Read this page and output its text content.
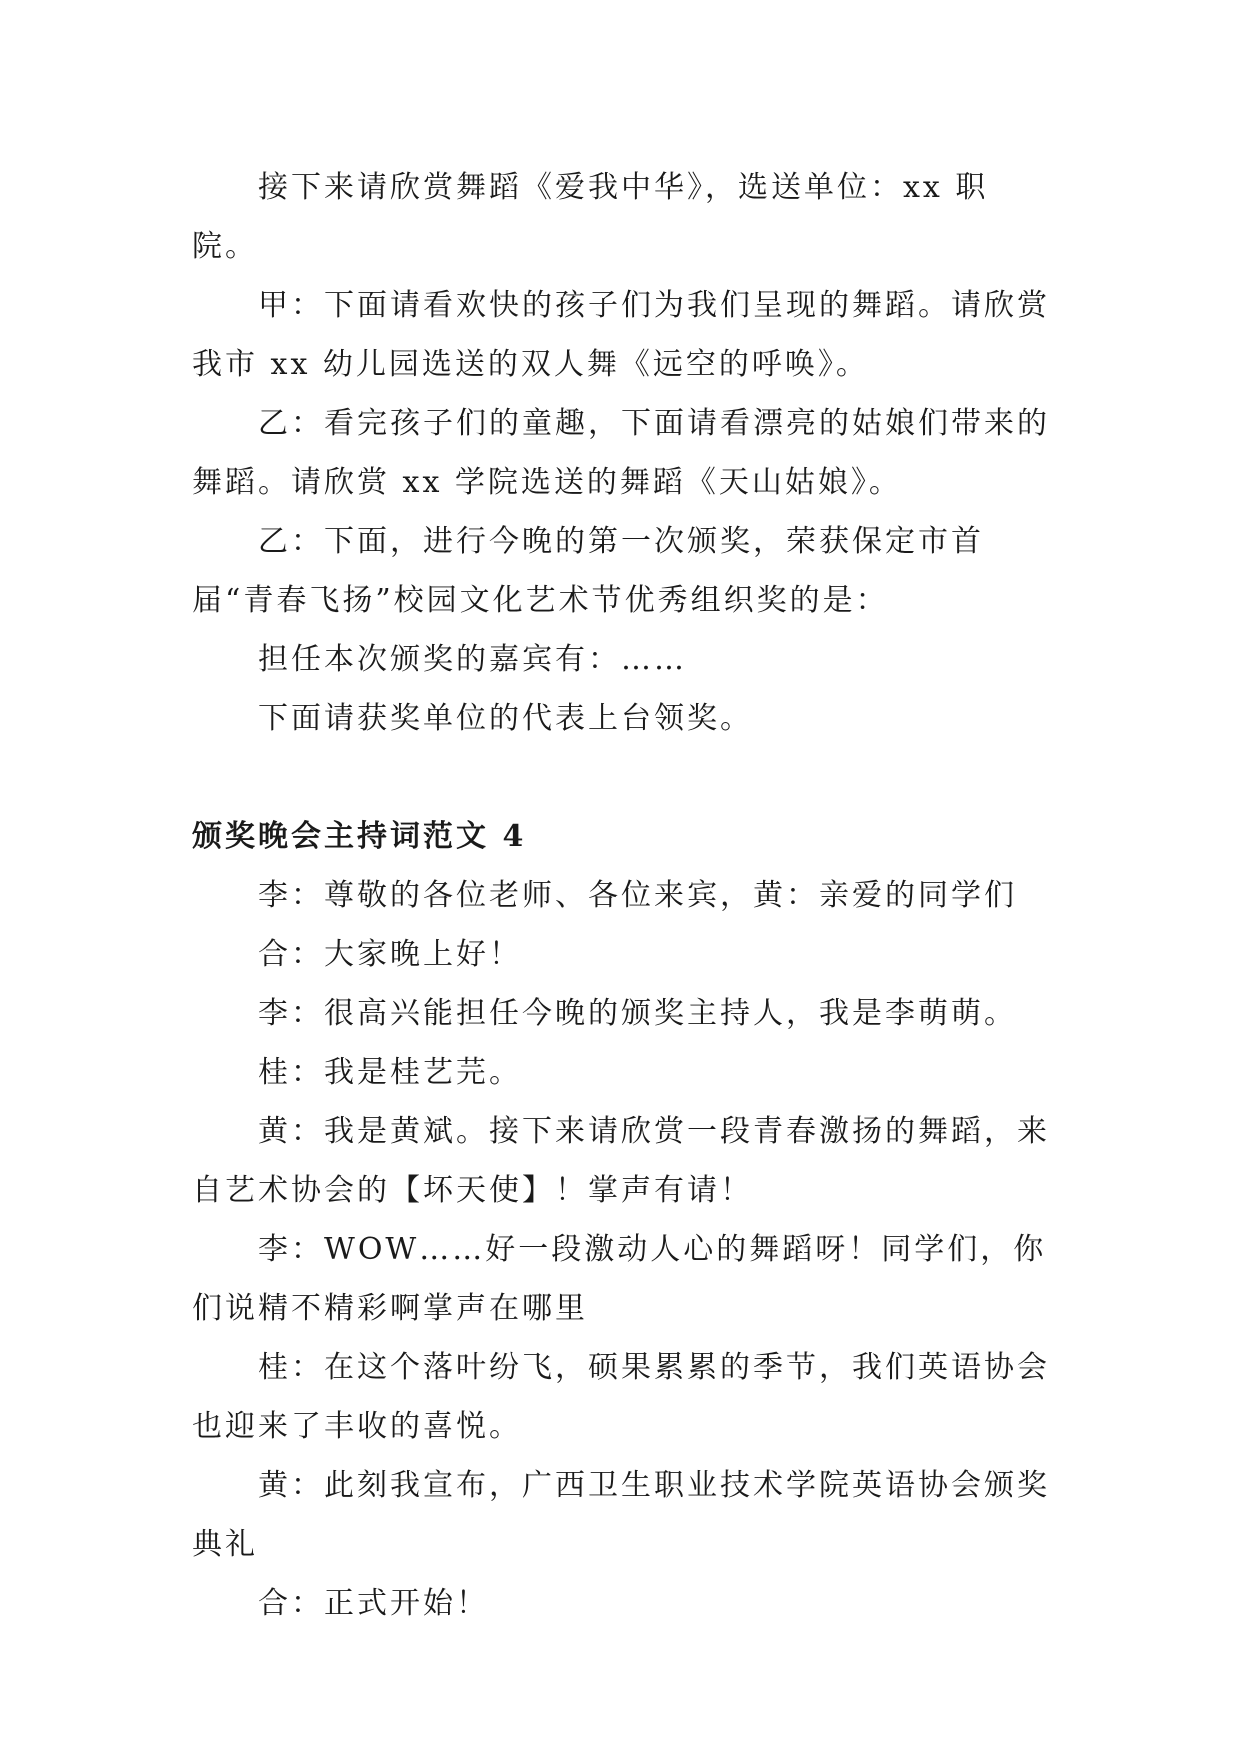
接下来请欣赏舞蹈《爱我中华》，选送单位：xx 职院。

甲：下面请看欢快的孩子们为我们呈现的舞蹈。请欣赏我市 xx 幼儿园选送的双人舞《远空的呼唤》。

乙：看完孩子们的童趣，下面请看漂亮的姑娘们带来的舞蹈。请欣赏 xx 学院选送的舞蹈《天山姑娘》。

乙：下面，进行今晚的第一次颁奖，荣获保定市首届“青春飞扬”校园文化艺术节优秀组织奖的是：

担任本次颁奖的嘉宾有：……

下面请获奖单位的代表上台领奖。

颁奖晚会主持词范文 4

李：尊敬的各位老师、各位来宾，黄：亲爱的同学们

合：大家晚上好！

李：很高兴能担任今晚的颁奖主持人，我是李萌萌。

桂：我是桂艺芫。

黄：我是黄斌。接下来请欣赏一段青春激扬的舞蹈，来自艺术协会的【坏天使】！掌声有请！

李：WOW……好一段激动人心的舞蹈呀！同学们，你们说精不精彩啊掌声在哪里

桂：在这个落叶纷飞，硕果累累的季节，我们英语协会也迎来了丰收的喜悦。

黄：此刻我宣布，广西卫生职业技术学院英语协会颁奖典礼

合：正式开始！
